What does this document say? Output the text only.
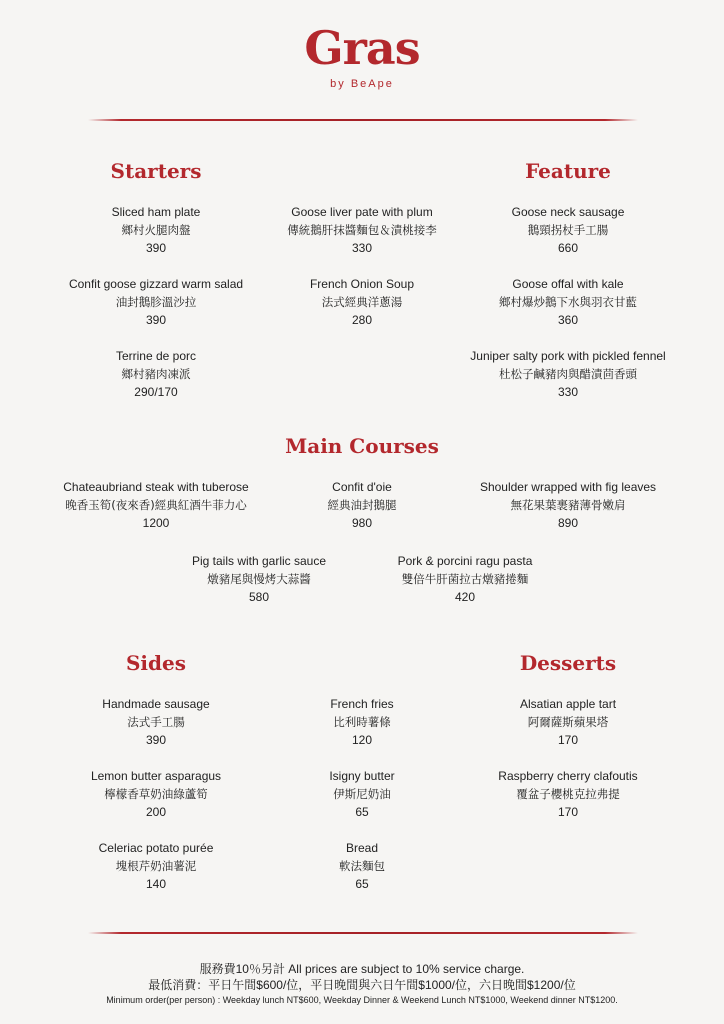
Gras
by BeApe
Starters
Sliced ham plate
鄉村火腿肉盤
390
Confit goose gizzard warm salad
油封鵝胗溫沙拉
390
Terrine de porc
鄉村豬肉凍派
290/170
Goose liver pate with plum
傳統鵝肝抹醬麵包＆漬桃接李
330
French Onion Soup
法式經典洋蔥湯
280
Feature
Goose neck sausage
鵝頸拐杖手工腸
660
Goose offal with kale
鄉村爆炒鵝下水與羽衣甘藍
360
Juniper salty pork with pickled fennel
杜松子鹹豬肉與醋漬茴香頭
330
Main Courses
Chateaubriand steak with tuberose
晚香玉筍(夜來香)經典紅酒牛菲力心
1200
Confit d'oie
經典油封鵝腿
980
Shoulder wrapped with fig leaves
無花果葉裹豬薄骨嫩肩
890
Pig tails with garlic sauce
燉豬尾與慢烤大蒜醬
580
Pork & porcini ragu pasta
雙倍牛肝菌拉古燉豬捲麵
420
Sides
Handmade sausage
法式手工腸
390
Lemon butter asparagus
檸檬香草奶油綠蘆筍
200
Celeriac potato purée
塊根芹奶油薯泥
140
French fries
比利時薯條
120
Isigny butter
伊斯尼奶油
65
Bread
軟法麵包
65
Desserts
Alsatian apple tart
阿爾薩斯蘋果塔
170
Raspberry cherry clafoutis
覆盆子櫻桃克拉弗提
170
服務費10％另計 All prices are subject to 10% service charge.
最低消費：平日午間$600/位，平日晚間與六日午間$1000/位，六日晚間$1200/位
Minimum order(per person) : Weekday lunch NT$600, Weekday Dinner & Weekend Lunch NT$1000, Weekend dinner NT$1200.
